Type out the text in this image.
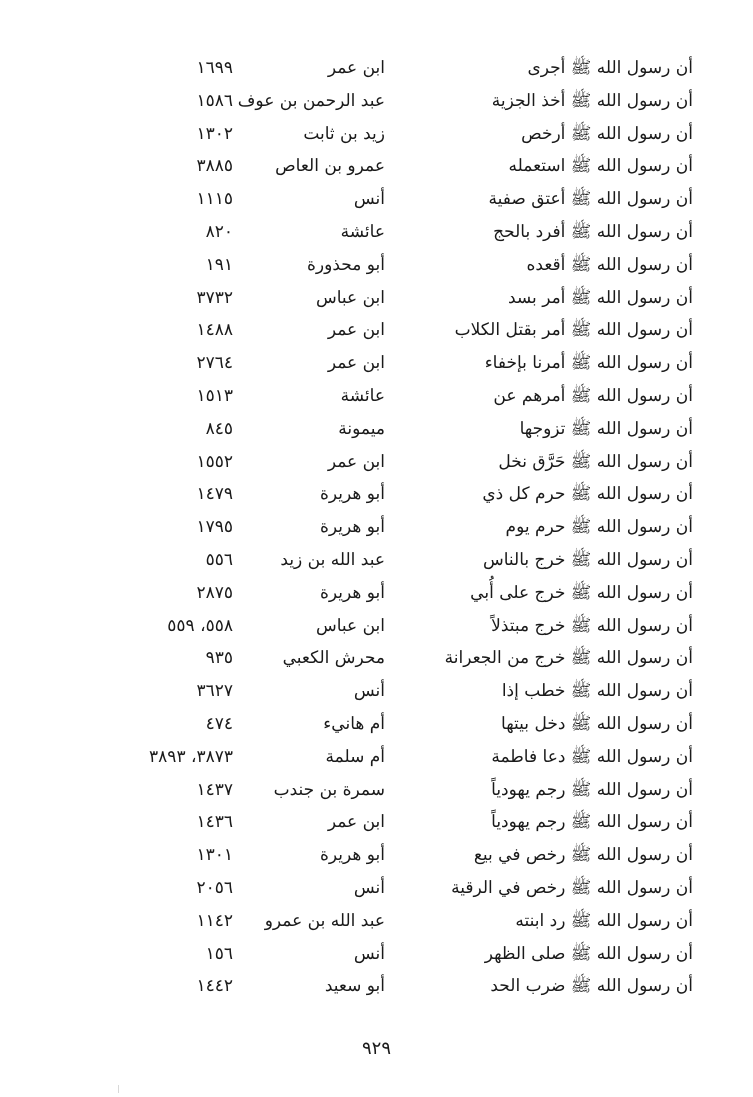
أن رسول الله ﷺ أجرى
ابن عمر
١٦٩٩
أن رسول الله ﷺ أخذ الجزية
عبد الرحمن بن عوف
١٥٨٦
أن رسول الله ﷺ أرخص
زيد بن ثابت
١٣٠٢
أن رسول الله ﷺ استعمله
عمرو بن العاص
٣٨٨٥
أن رسول الله ﷺ أعتق صفية
أنس
١١١٥
أن رسول الله ﷺ أفرد بالحج
عائشة
٨٢٠
أن رسول الله ﷺ أقعده
أبو محذورة
١٩١
أن رسول الله ﷺ أمر بسد
ابن عباس
٣٧٣٢
أن رسول الله ﷺ أمر بقتل الكلاب
ابن عمر
١٤٨٨
أن رسول الله ﷺ أمرنا بإخفاء
ابن عمر
٢٧٦٤
أن رسول الله ﷺ أمرهم عن
عائشة
١٥١٣
أن رسول الله ﷺ تزوجها
ميمونة
٨٤٥
أن رسول الله ﷺ حَرَّق نخل
ابن عمر
١٥٥٢
أن رسول الله ﷺ حرم كل ذي
أبو هريرة
١٤٧٩
أن رسول الله ﷺ حرم يوم
أبو هريرة
١٧٩٥
أن رسول الله ﷺ خرج بالناس
عبد الله بن زيد
٥٥٦
أن رسول الله ﷺ خرج على أُبي
أبو هريرة
٢٨٧٥
أن رسول الله ﷺ خرج مبتذلاً
ابن عباس
٥٥٨، ٥٥٩
أن رسول الله ﷺ خرج من الجعرانة
محرش الكعبي
٩٣٥
أن رسول الله ﷺ خطب إذا
أنس
٣٦٢٧
أن رسول الله ﷺ دخل بيتها
أم هانيء
٤٧٤
أن رسول الله ﷺ دعا فاطمة
أم سلمة
٣٨٧٣، ٣٨٩٣
أن رسول الله ﷺ رجم يهودياً
سمرة بن جندب
١٤٣٧
أن رسول الله ﷺ رجم يهودياً
ابن عمر
١٤٣٦
أن رسول الله ﷺ رخص في بيع
أبو هريرة
١٣٠١
أن رسول الله ﷺ رخص في الرقية
أنس
٢٠٥٦
أن رسول الله ﷺ رد ابنته
عبد الله بن عمرو
١١٤٢
أن رسول الله ﷺ صلى الظهر
أنس
١٥٦
أن رسول الله ﷺ ضرب الحد
أبو سعيد
١٤٤٢
٩٢٩
